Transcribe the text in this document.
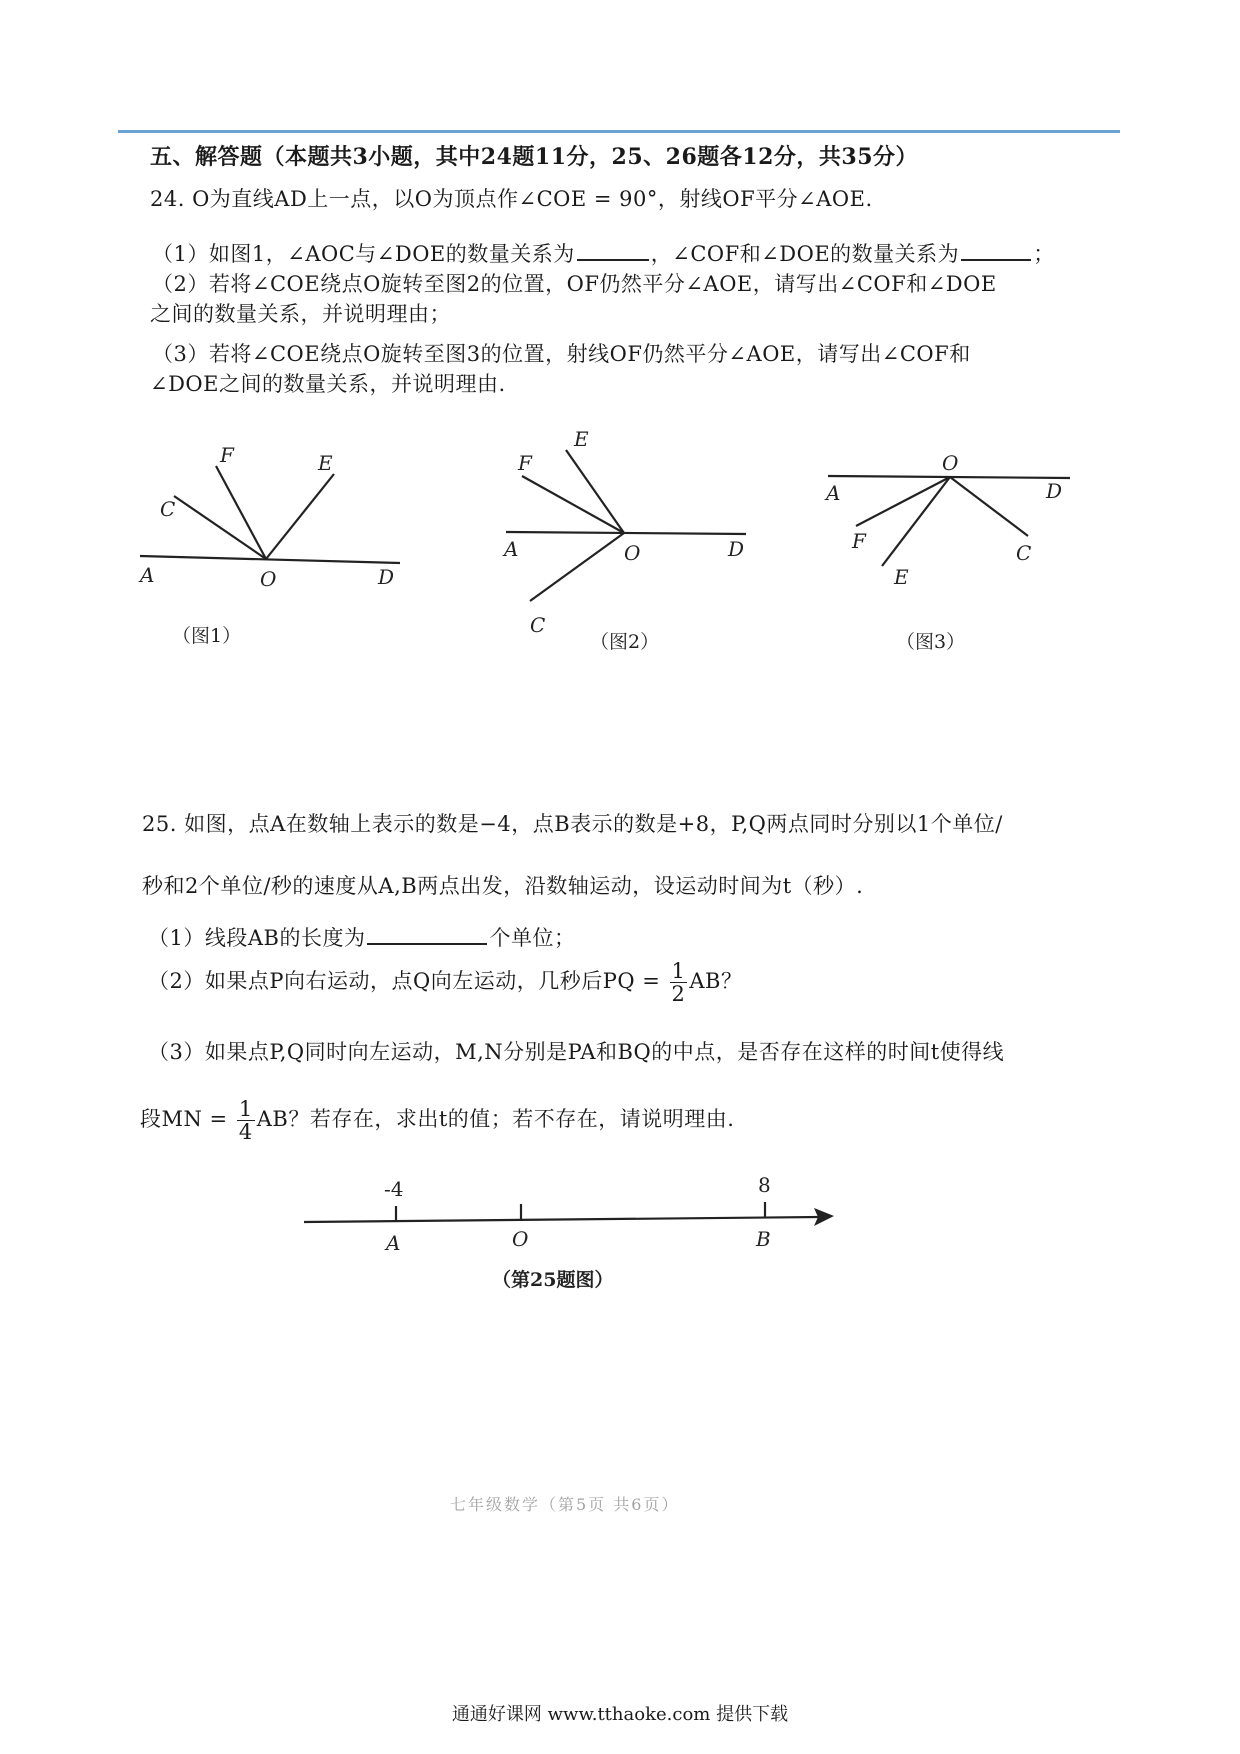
五、解答题（本题共3小题，其中24题11分，25、26题各12分，共35分）
24. O为直线AD上一点，以O为顶点作∠COE = 90°，射线OF平分∠AOE.
（1）如图1，∠AOC与∠DOE的数量关系为	，∠COF和∠DOE的数量关系为	；
（2）若将∠COE绕点O旋转至图2的位置，OF仍然平分∠AOE，请写出∠COF和∠DOE
之间的数量关系，并说明理由；
（3）若将∠COE绕点O旋转至图3的位置，射线OF仍然平分∠AOE，请写出∠COF和
∠DOE之间的数量关系，并说明理由.
A	O	D
C
F	E
A	O	D
C
F
E
O
A	D
F
E
C
（图1）	（图2）	（图3）
-4	8
A	O	B
（第25题图）
25. 如图，点A在数轴上表示的数是−4，点B表示的数是+8，P,Q两点同时分别以1个单位/
秒和2个单位/秒的速度从A,B两点出发，沿数轴运动，设运动时间为t（秒）.
（1）线段AB的长度为	个单位；
（2）如果点P向右运动，点Q向左运动，几秒后PQ = $\frac{1}{2}$ AB？
（3）如果点P,Q同时向左运动，M,N分别是PA和BQ的中点，是否存在这样的时间t使得线
段MN = $\frac{1}{4}$ AB？若存在，求出t的值；若不存在，请说明理由.
七年级数学（第5页 共6页）
通通好课网 www.tthaoke.com 提供下载
